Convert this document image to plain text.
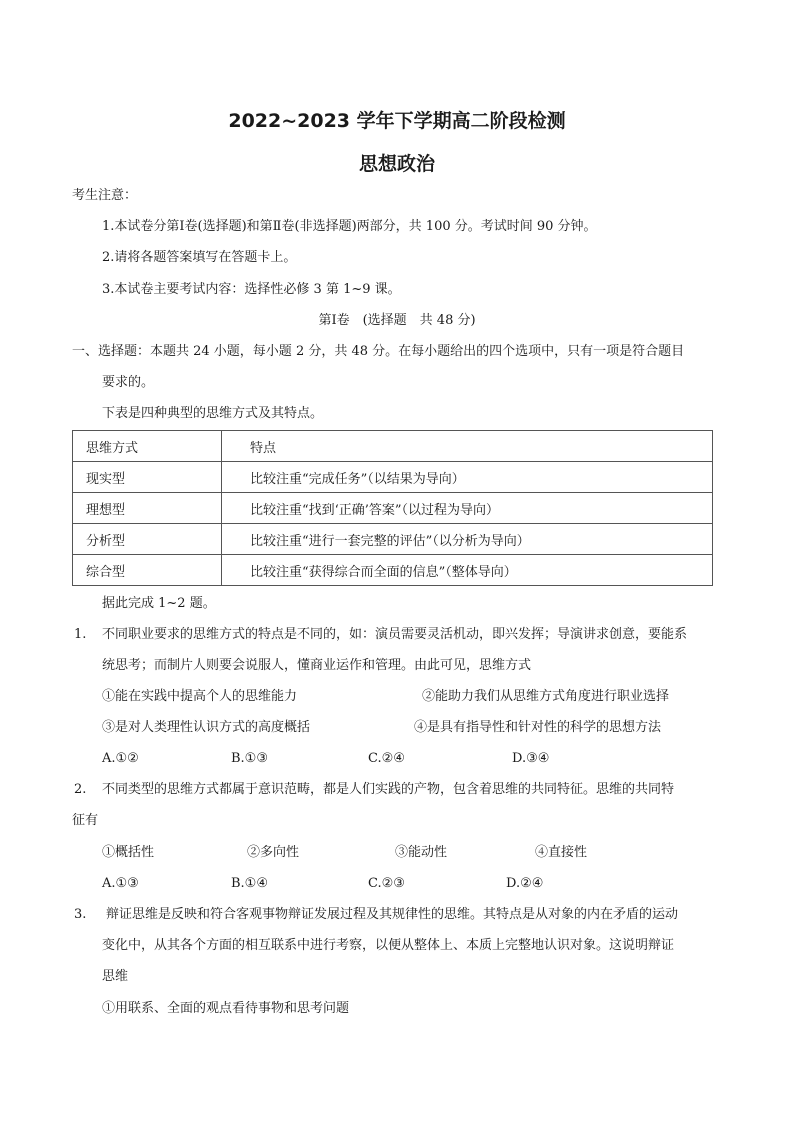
2022~2023 学年下学期高二阶段检测
思想政治
考生注意：
1.本试卷分第Ⅰ卷(选择题)和第Ⅱ卷(非选择题)两部分，共 100 分。考试时间 90 分钟。
2.请将各题答案填写在答题卡上。
3.本试卷主要考试内容：选择性必修 3 第 1~9 课。
第Ⅰ卷　(选择题　共 48 分)
一、选择题：本题共 24 小题，每小题 2 分，共 48 分。在每小题给出的四个选项中，只有一项是符合题目
要求的。
下表是四种典型的思维方式及其特点。
思维方式	特点
现实型	比较注重“完成任务”（以结果为导向）
理想型	比较注重“找到‘正确’答案”（以过程为导向）
分析型	比较注重“进行一套完整的评估”（以分析为导向）
综合型	比较注重“获得综合而全面的信息”（整体导向）
据此完成 1~2 题。
1. 不同职业要求的思维方式的特点是不同的，如：演员需要灵活机动，即兴发挥；导演讲求创意，要能系
统思考；而制片人则要会说服人，懂商业运作和管理。由此可见，思维方式
①能在实践中提高个人的思维能力	②能助力我们从思维方式角度进行职业选择
③是对人类理性认识方式的高度概括	④是具有指导性和针对性的科学的思想方法
A.①②	B.①③	C.②④	D.③④
2. 不同类型的思维方式都属于意识范畴，都是人们实践的产物，包含着思维的共同特征。思维的共同特
征有
①概括性	②多向性	③能动性	④直接性
A.①③	B.①④	C.②③	D.②④
3. 辩证思维是反映和符合客观事物辩证发展过程及其规律性的思维。其特点是从对象的内在矛盾的运动
变化中，从其各个方面的相互联系中进行考察，以便从整体上、本质上完整地认识对象。这说明辩证
思维
①用联系、全面的观点看待事物和思考问题
